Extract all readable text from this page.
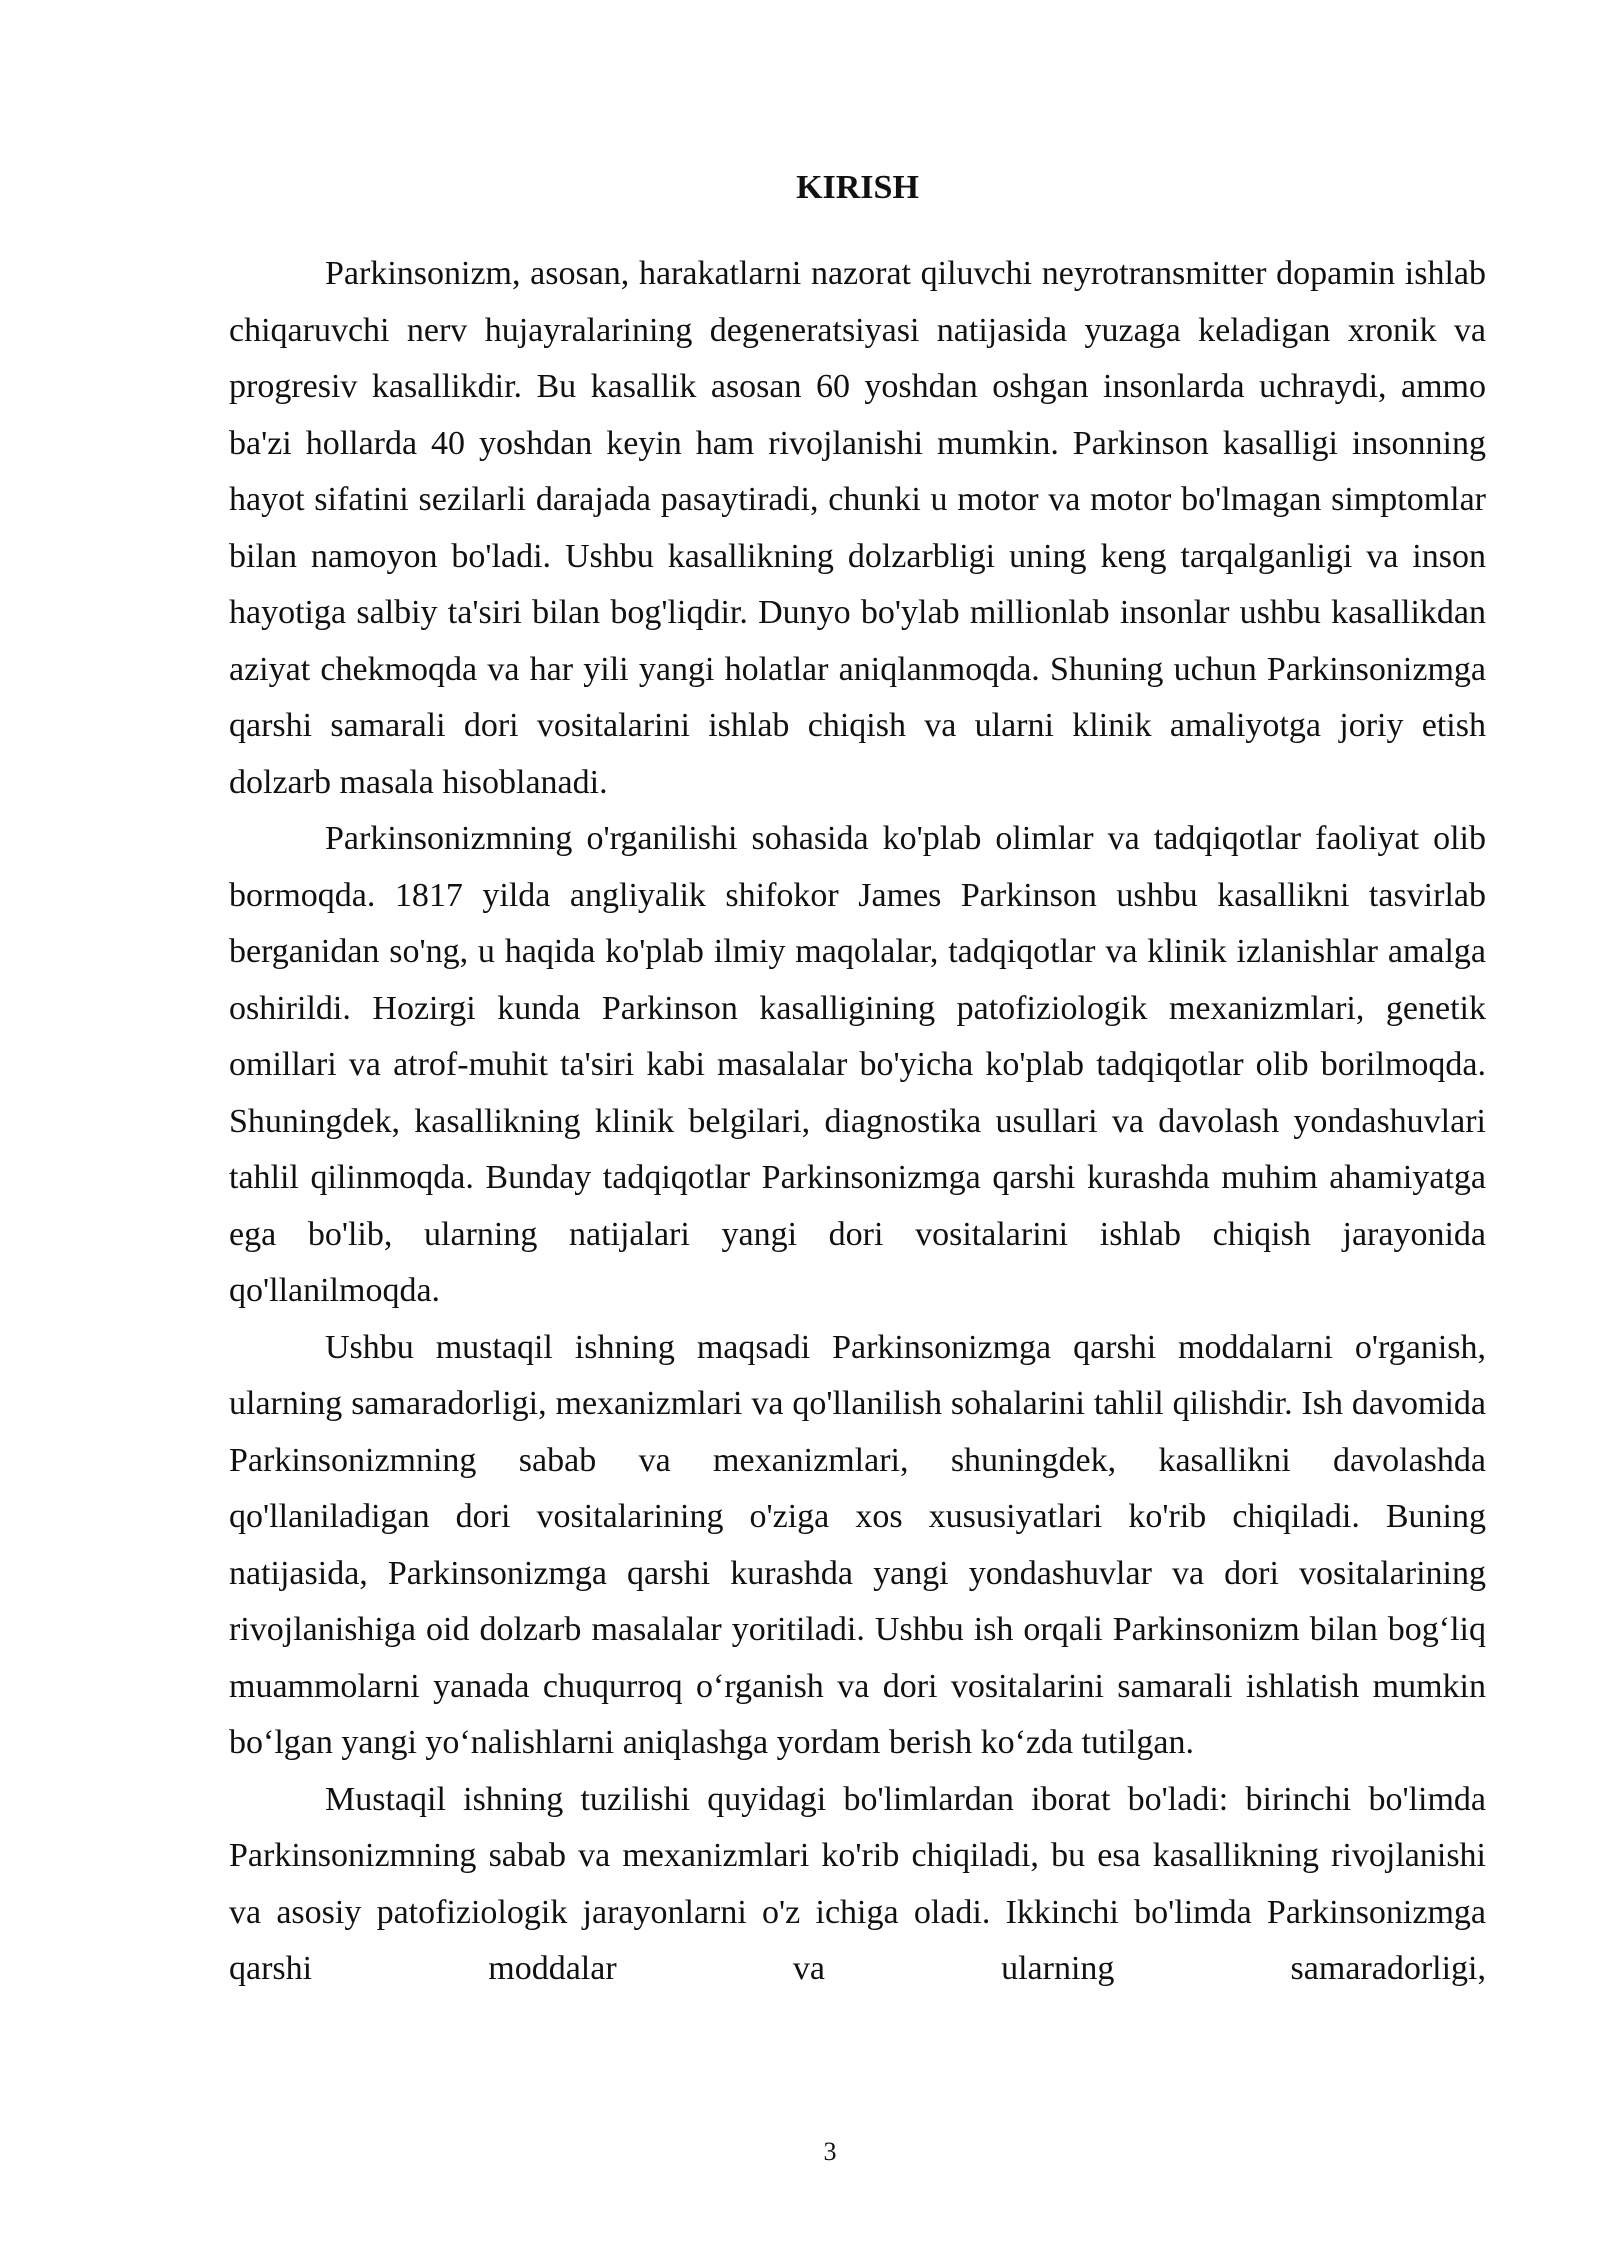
KIRISH

Parkinsonizm, asosan, harakatlarni nazorat qiluvchi neyrotransmitter dopamin ishlab chiqaruvchi nerv hujayralarining degeneratsiyasi natijasida yuzaga keladigan xronik va progresiv kasallikdir. Bu kasallik asosan 60 yoshdan oshgan insonlarda uchraydi, ammo ba'zi hollarda 40 yoshdan keyin ham rivojlanishi mumkin. Parkinson kasalligi insonning hayot sifatini sezilarli darajada pasaytiradi, chunki u motor va motor bo'lmagan simptomlar bilan namoyon bo'ladi. Ushbu kasallikning dolzarbligi uning keng tarqalganligi va inson hayotiga salbiy ta'siri bilan bog'liqdir. Dunyo bo'ylab millionlab insonlar ushbu kasallikdan aziyat chekmoqda va har yili yangi holatlar aniqlanmoqda. Shuning uchun Parkinsonizmga qarshi samarali dori vositalarini ishlab chiqish va ularni klinik amaliyotga joriy etish dolzarb masala hisoblanadi.

Parkinsonizmning o'rganilishi sohasida ko'plab olimlar va tadqiqotlar faoliyat olib bormoqda. 1817 yilda angliyalik shifokor James Parkinson ushbu kasallikni tasvirlab berganidan so'ng, u haqida ko'plab ilmiy maqolalar, tadqiqotlar va klinik izlanishlar amalga oshirildi. Hozirgi kunda Parkinson kasalligining patofiziologik mexanizmlari, genetik omillari va atrof-muhit ta'siri kabi masalalar bo'yicha ko'plab tadqiqotlar olib borilmoqda. Shuningdek, kasallikning klinik belgilari, diagnostika usullari va davolash yondashuvlari tahlil qilinmoqda. Bunday tadqiqotlar Parkinsonizmga qarshi kurashda muhim ahamiyatga ega bo'lib, ularning natijalari yangi dori vositalarini ishlab chiqish jarayonida qo'llanilmoqda.

Ushbu mustaqil ishning maqsadi Parkinsonizmga qarshi moddalarni o'rganish, ularning samaradorligi, mexanizmlari va qo'llanilish sohalarini tahlil qilishdir. Ish davomida Parkinsonizmning sabab va mexanizmlari, shuningdek, kasallikni davolashda qo'llaniladigan dori vositalarining o'ziga xos xususiyatlari ko'rib chiqiladi. Buning natijasida, Parkinsonizmga qarshi kurashda yangi yondashuvlar va dori vositalarining rivojlanishiga oid dolzarb masalalar yoritiladi. Ushbu ish orqali Parkinsonizm bilan bog‘liq muammolarni yanada chuqurroq o‘rganish va dori vositalarini samarali ishlatish mumkin bo‘lgan yangi yo‘nalishlarni aniqlashga yordam berish ko‘zda tutilgan.

Mustaqil ishning tuzilishi quyidagi bo'limlardan iborat bo'ladi: birinchi bo'limda Parkinsonizmning sabab va mexanizmlari ko'rib chiqiladi, bu esa kasallikning rivojlanishi va asosiy patofiziologik jarayonlarni o'z ichiga oladi. Ikkinchi bo'limda Parkinsonizmga qarshi moddalar va ularning samaradorligi,

3
